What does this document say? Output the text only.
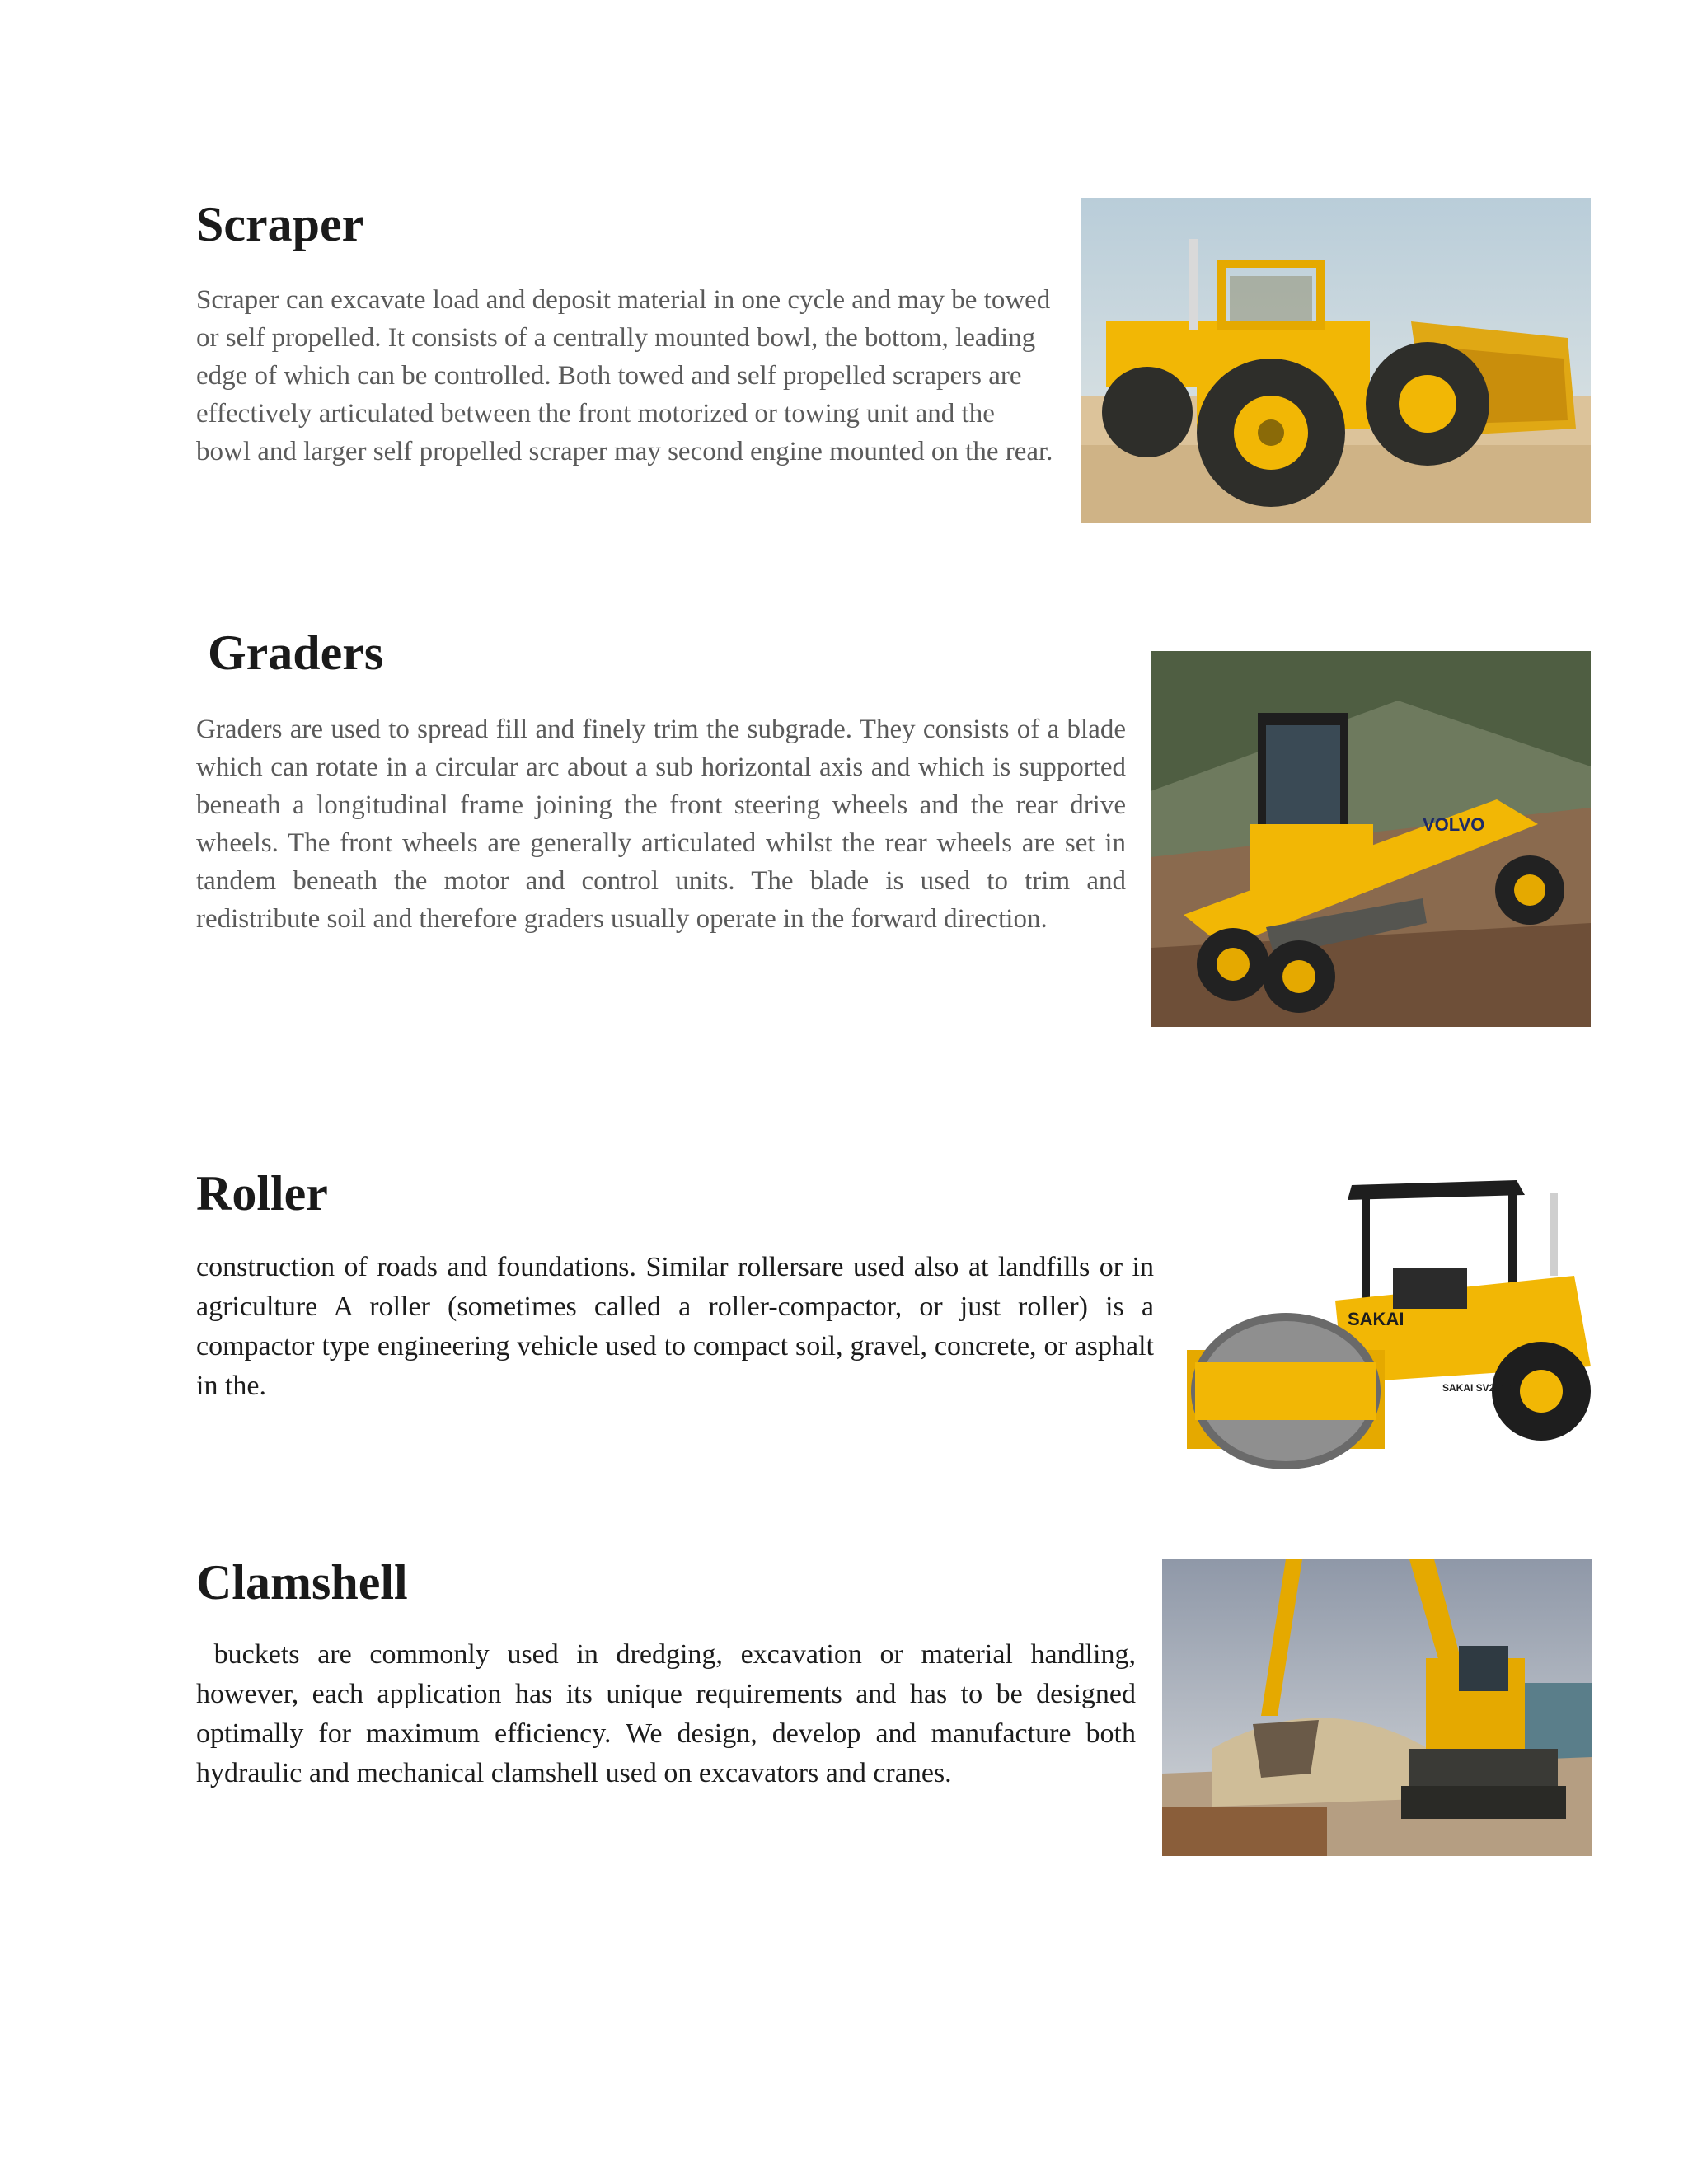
Scraper

Scraper can excavate load and deposit material in one cycle and may be towed or self propelled. It consists of a centrally mounted bowl, the bottom, leading edge of which can be controlled. Both towed and self propelled scrapers are effectively articulated between the front motorized or towing unit and the bowl and larger self propelled scraper may second engine mounted on the rear.

Graders

Graders are used to spread fill and finely trim the subgrade. They consists of a blade which can rotate in a circular arc about a sub horizontal axis and which is supported beneath a longitudinal frame joining the front steering wheels and the rear drive wheels. The front wheels are generally articulated whilst the rear wheels are set in tandem beneath the motor and control units. The blade is used to trim and redistribute soil and therefore graders usually operate in the forward direction.

VOLVO
Roller

construction of roads and foundations. Similar rollersare used also at landfills or in agriculture A roller (sometimes called a roller-compactor, or just roller) is a compactor type engineering vehicle used to compact soil, gravel, concrete, or asphalt in the.

SAKAI
SAKAI SV201D
Clamshell

buckets are commonly used in dredging, excavation or material handling, however, each application has its unique requirements and has to be designed optimally for maximum efficiency. We design, develop and manufacture both hydraulic and mechanical clamshell used on excavators and cranes.
